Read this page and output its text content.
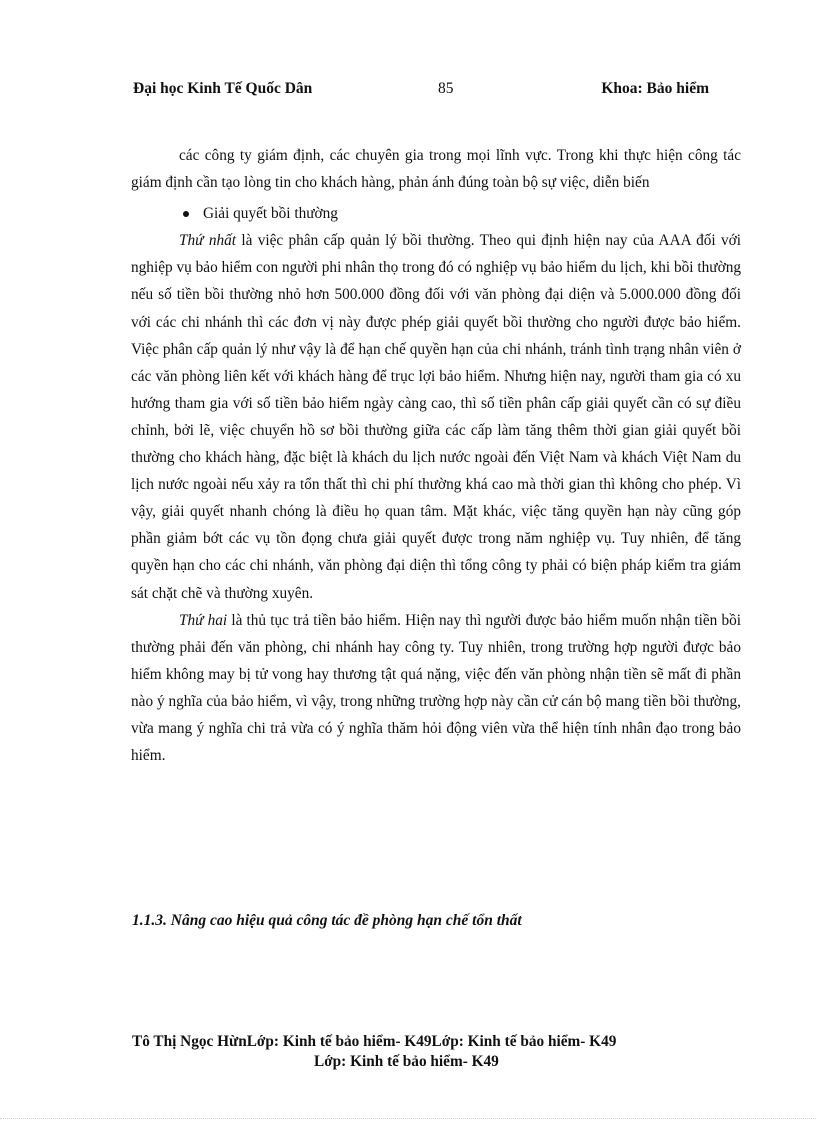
Đại học Kinh Tế Quốc Dân	85	Khoa: Bảo hiểm

các công ty giám định, các chuyên gia trong mọi lĩnh vực. Trong khi thực hiện công tác giám định cần tạo lòng tin cho khách hàng, phản ánh đúng toàn bộ sự việc, diễn biến

Giải quyết bồi thường

Thứ nhất là việc phân cấp quản lý bồi thường. Theo qui định hiện nay của AAA đối với nghiệp vụ bảo hiểm con người phi nhân thọ trong đó có nghiệp vụ bảo hiểm du lịch, khi bồi thường nếu số tiền bồi thường nhỏ hơn 500.000 đồng đối với văn phòng đại diện và 5.000.000 đồng đối với các chi nhánh thì các đơn vị này được phép giải quyết bồi thường cho người được bảo hiểm. Việc phân cấp quản lý như vậy là để hạn chế quyền hạn của chi nhánh, tránh tình trạng nhân viên ở các văn phòng liên kết với khách hàng để trục lợi bảo hiểm. Nhưng hiện nay, người tham gia có xu hướng tham gia với số tiền bảo hiểm ngày càng cao, thì số tiền phân cấp giải quyết cần có sự điều chỉnh, bởi lẽ, việc chuyển hồ sơ bồi thường giữa các cấp làm tăng thêm thời gian giải quyết bồi thường cho khách hàng, đặc biệt là khách du lịch nước ngoài đến Việt Nam và khách Việt Nam du lịch nước ngoài nếu xảy ra tổn thất thì chi phí thường khá cao mà thời gian thì không cho phép. Vì vậy, giải quyết nhanh chóng là điều họ quan tâm. Mặt khác, việc tăng quyền hạn này cũng góp phần giảm bớt các vụ tồn đọng chưa giải quyết được trong năm nghiệp vụ. Tuy nhiên, để tăng quyền hạn cho các chi nhánh, văn phòng đại diện thì tổng công ty phải có biện pháp kiểm tra giám sát chặt chẽ và thường xuyên.

Thứ hai là thủ tục trả tiền bảo hiểm. Hiện nay thì người được bảo hiểm muốn nhận tiền bồi thường phải đến văn phòng, chi nhánh hay công ty. Tuy nhiên, trong trường hợp người được bảo hiểm không may bị tử vong hay thương tật quá nặng, việc đến văn phòng nhận tiền sẽ mất đi phần nào ý nghĩa của bảo hiểm, vì vậy, trong những trường hợp này cần cử cán bộ mang tiền bồi thường, vừa mang ý nghĩa chi trả vừa có ý nghĩa thăm hỏi động viên vừa thể hiện tính nhân đạo trong bảo hiểm.

1.1.3. Nâng cao hiệu quả công tác đề phòng hạn chế tổn thất
Tô Thị Ngọc HừnLớp: Kinh tế bảo hiểm- K49Lớp: Kinh tế bảo hiểm- K49
Lớp: Kinh tế bảo hiểm- K49
